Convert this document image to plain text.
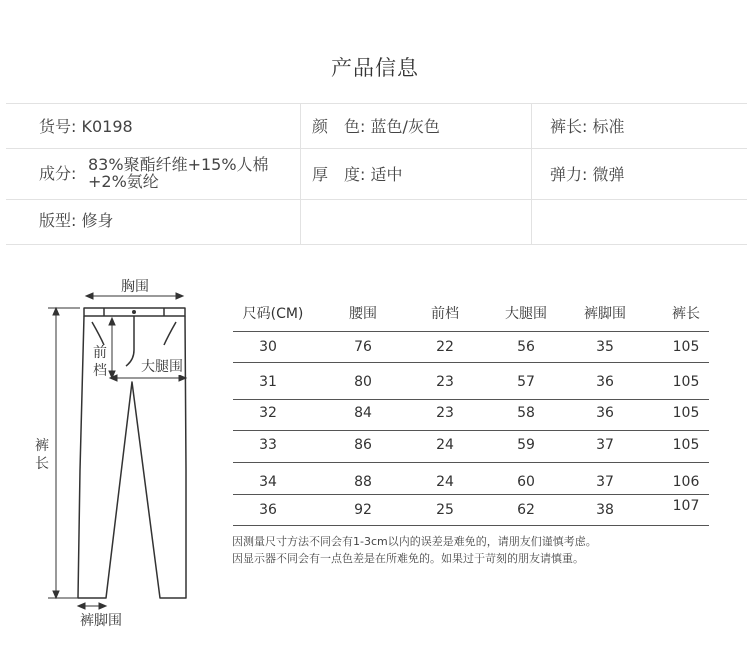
产品信息
货号: K0198	颜　色: 蓝色/灰色	裤长: 标准
成分: 83%聚酯纤维+15%人棉
+2%氨纶	厚　度: 适中	弹力: 微弹
版型: 修身
胸围
前
档 大腿围
裤
长
裤脚围
尺码(CM)	腰围	前档	大腿围	裤脚围	裤长
30	76	22	56	35	105
31	80	23	57	36	105
32	84	23	58	36	105
33	86	24	59	37	105
34	88	24	60	37	106
36	92	25	62	38	107
因测量尺寸方法不同会有1-3cm以内的误差是难免的，请朋友们谨慎考虑。
因显示器不同会有一点色差是在所难免的。如果过于苛刻的朋友请慎重。
